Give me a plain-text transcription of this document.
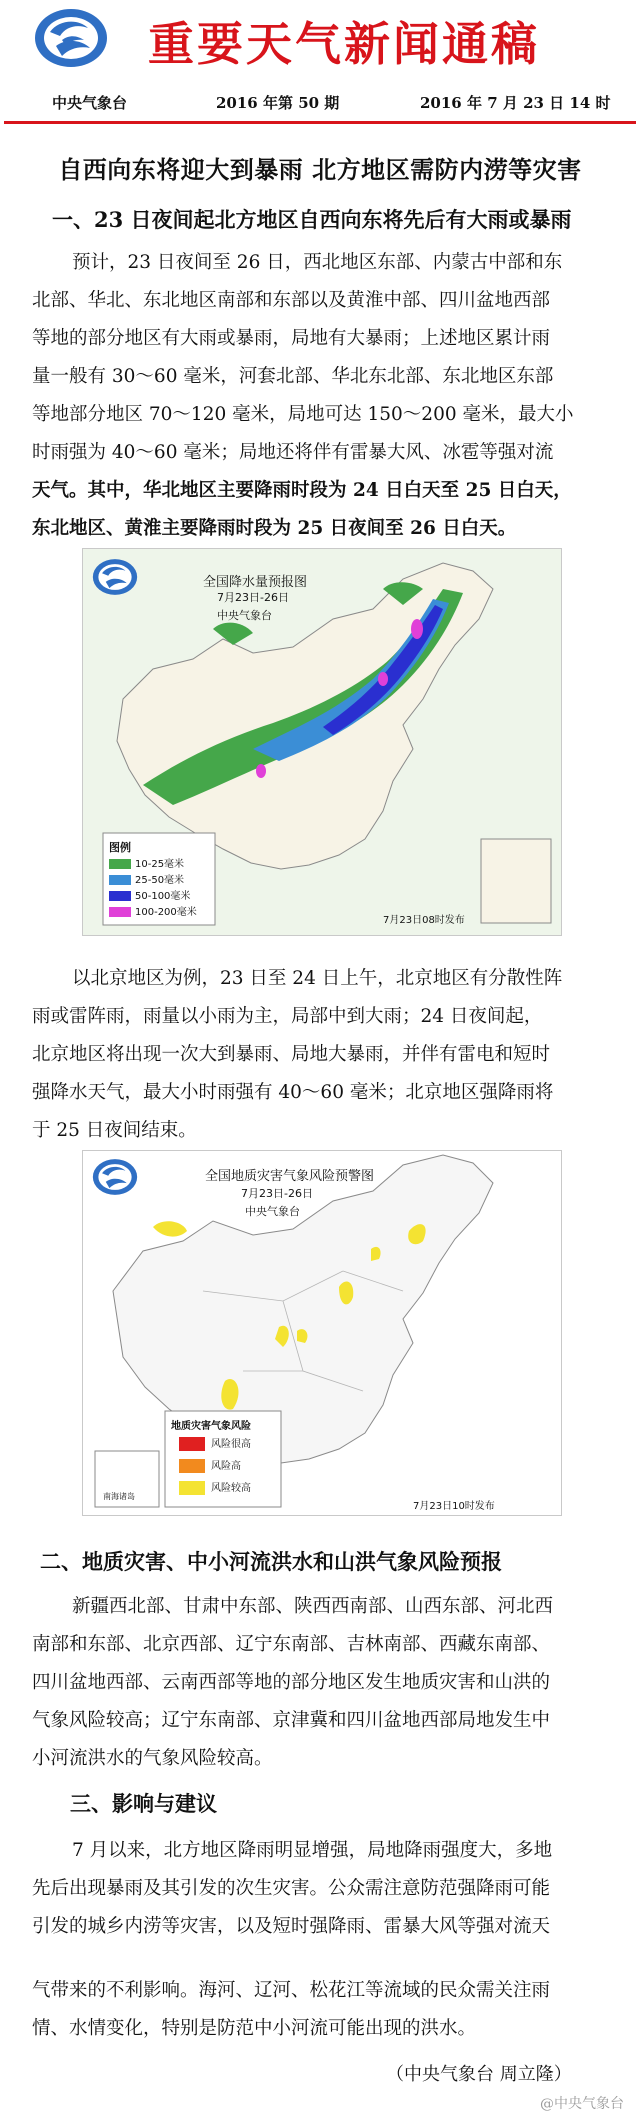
重要天气新闻通稿
中央气象台	2016 年第 50 期	2016 年 7 月 23 日 14 时
自西向东将迎大到暴雨 北方地区需防内涝等灾害
一、23 日夜间起北方地区自西向东将先后有大雨或暴雨
预计，23 日夜间至 26 日，西北地区东部、内蒙古中部和东
北部、华北、东北地区南部和东部以及黄淮中部、四川盆地西部
等地的部分地区有大雨或暴雨，局地有大暴雨；上述地区累计雨
量一般有 30～60 毫米，河套北部、华北东北部、东北地区东部
等地部分地区 70～120 毫米，局地可达 150～200 毫米，最大小
时雨强为 40～60 毫米；局地还将伴有雷暴大风、冰雹等强对流
天气。其中，华北地区主要降雨时段为 24 日白天至 25 日白天，
东北地区、黄淮主要降雨时段为 25 日夜间至 26 日白天。
全国降水量预报图
7月23日-26日
中央气象台
图例
10-25毫米
25-50毫米
50-100毫米
100-200毫米
7月23日08时发布
以北京地区为例，23 日至 24 日上午，北京地区有分散性阵
雨或雷阵雨，雨量以小雨为主，局部中到大雨；24 日夜间起，
北京地区将出现一次大到暴雨、局地大暴雨，并伴有雷电和短时
强降水天气，最大小时雨强有 40～60 毫米；北京地区强降雨将
于 25 日夜间结束。
全国地质灾害气象风险预警图
7月23日-26日
中央气象台
地质灾害气象风险
风险很高
风险高
风险较高
南海诸岛
7月23日10时发布
二、地质灾害、中小河流洪水和山洪气象风险预报
新疆西北部、甘肃中东部、陕西西南部、山西东部、河北西
南部和东部、北京西部、辽宁东南部、吉林南部、西藏东南部、
四川盆地西部、云南西部等地的部分地区发生地质灾害和山洪的
气象风险较高；辽宁东南部、京津冀和四川盆地西部局地发生中
小河流洪水的气象风险较高。
三、影响与建议
7 月以来，北方地区降雨明显增强，局地降雨强度大，多地
先后出现暴雨及其引发的次生灾害。公众需注意防范强降雨可能
引发的城乡内涝等灾害，以及短时强降雨、雷暴大风等强对流天
气带来的不利影响。海河、辽河、松花江等流域的民众需关注雨
情、水情变化，特别是防范中小河流可能出现的洪水。
（中央气象台 周立隆）
@中央气象台
